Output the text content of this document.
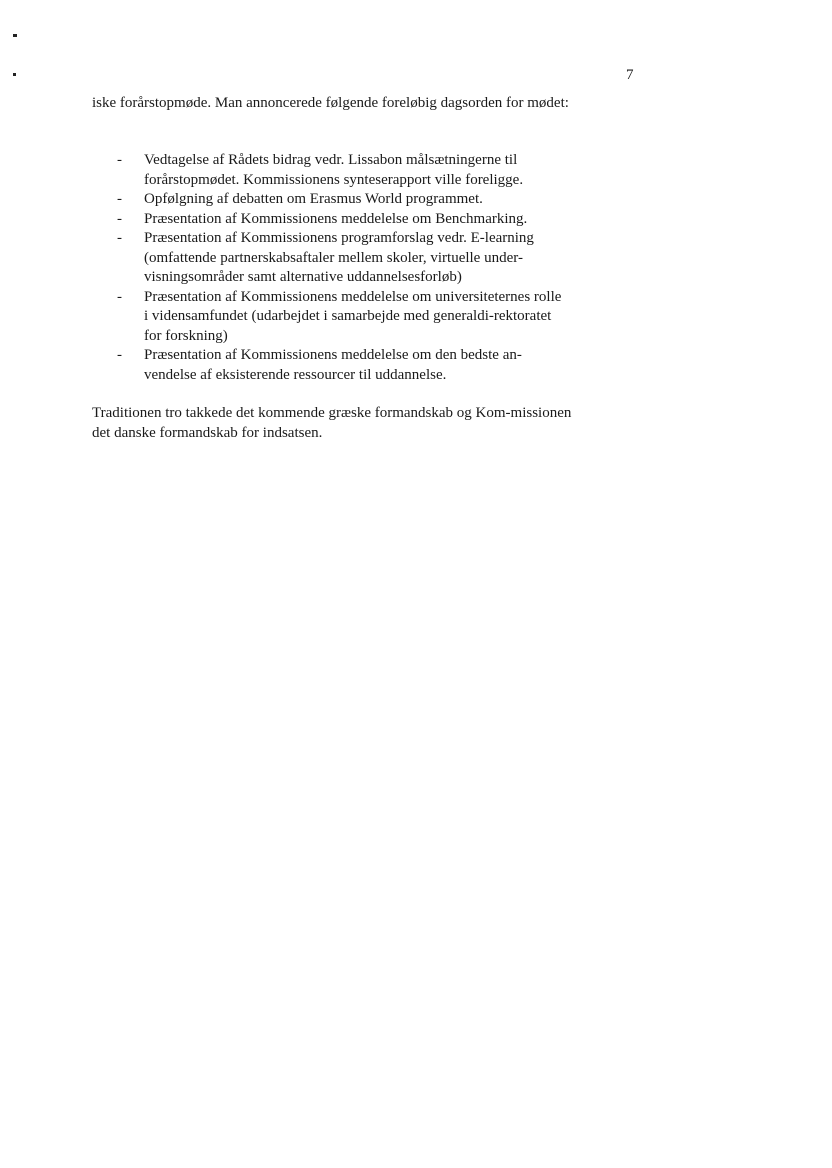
7

iske forårstopmøde. Man annoncerede følgende foreløbig dagsorden for mødet:

- Vedtagelse af Rådets bidrag vedr. Lissabon målsætningerne til forårstopmødet. Kommissionens synteserapport ville foreligge.
- Opfølgning af debatten om Erasmus World programmet.
- Præsentation af Kommissionens meddelelse om Benchmarking.
- Præsentation af Kommissionens programforslag vedr. E-learning (omfattende partnerskabsaftaler mellem skoler, virtuelle under-visningsområder samt alternative uddannelsesforløb)
- Præsentation af Kommissionens meddelelse om universiteternes rolle i vidensamfundet (udarbejdet i samarbejde med generaldi-rektoratet for forskning)
- Præsentation af Kommissionens meddelelse om den bedste an-vendelse af eksisterende ressourcer til uddannelse.

Traditionen tro takkede det kommende græske formandskab og Kom-missionen det danske formandskab for indsatsen.
